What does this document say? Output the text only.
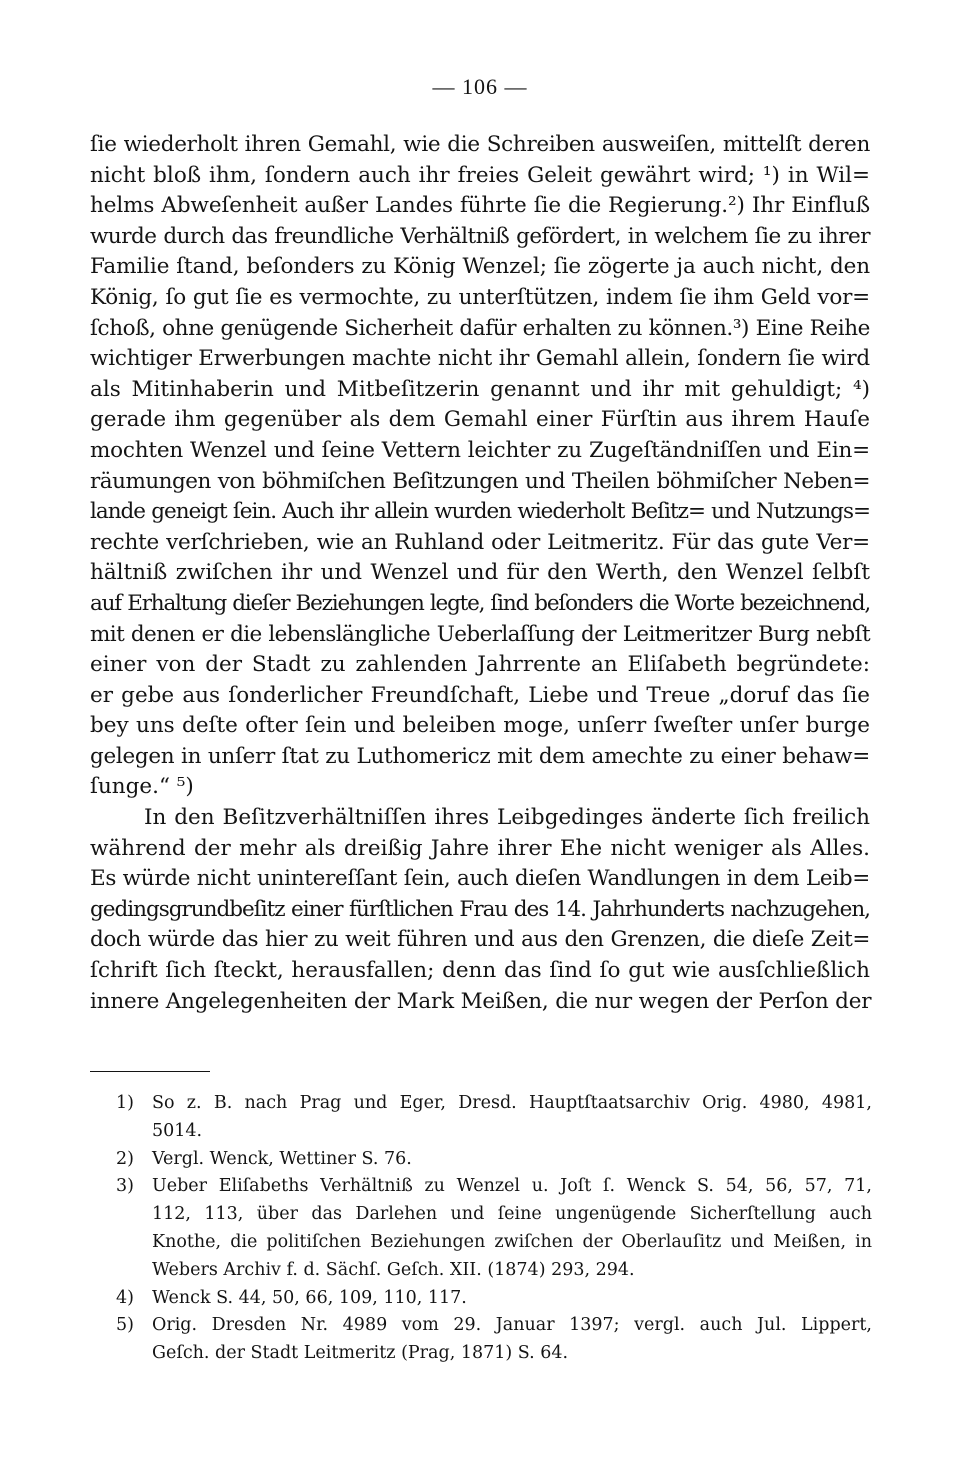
— 106 —
ſie wiederholt ihren Gemahl, wie die Schreiben ausweiſen, mittelſt deren
nicht bloß ihm, ſondern auch ihr freies Geleit gewährt wird; ¹) in Wil=
helms Abweſenheit außer Landes führte ſie die Regierung.²) Ihr Einfluß
wurde durch das freundliche Verhältniß gefördert, in welchem ſie zu ihrer
Familie ſtand, beſonders zu König Wenzel; ſie zögerte ja auch nicht, den
König, ſo gut ſie es vermochte, zu unterſtützen, indem ſie ihm Geld vor=
ſchoß, ohne genügende Sicherheit dafür erhalten zu können.³) Eine Reihe
wichtiger Erwerbungen machte nicht ihr Gemahl allein, ſondern ſie wird
als Mitinhaberin und Mitbeſitzerin genannt und ihr mit gehuldigt; ⁴)
gerade ihm gegenüber als dem Gemahl einer Fürſtin aus ihrem Hauſe
mochten Wenzel und ſeine Vettern leichter zu Zugeſtändniſſen und Ein=
räumungen von böhmiſchen Beſitzungen und Theilen böhmiſcher Neben=
lande geneigt ſein. Auch ihr allein wurden wiederholt Beſitz= und Nutzungs=
rechte verſchrieben, wie an Ruhland oder Leitmeritz. Für das gute Ver=
hältniß zwiſchen ihr und Wenzel und für den Werth, den Wenzel ſelbſt
auf Erhaltung dieſer Beziehungen legte, ſind beſonders die Worte bezeichnend,
mit denen er die lebenslängliche Ueberlaſſung der Leitmeritzer Burg nebſt
einer von der Stadt zu zahlenden Jahrrente an Eliſabeth begründete:
er gebe aus ſonderlicher Freundſchaft, Liebe und Treue „doruf das ſie
bey uns deſte ofter ſein und beleiben moge, unſerr ſweſter unſer burge
gelegen in unſerr ſtat zu Luthomericz mit dem amechte zu einer behaw=
ſunge.“ ⁵)
In den Beſitzverhältniſſen ihres Leibgedinges änderte ſich freilich
während der mehr als dreißig Jahre ihrer Ehe nicht weniger als Alles.
Es würde nicht unintereſſant ſein, auch dieſen Wandlungen in dem Leib=
gedingsgrundbeſitz einer fürſtlichen Frau des 14. Jahrhunderts nachzugehen,
doch würde das hier zu weit führen und aus den Grenzen, die dieſe Zeit=
ſchrift ſich ſteckt, herausfallen; denn das ſind ſo gut wie ausſchließlich
innere Angelegenheiten der Mark Meißen, die nur wegen der Perſon der
1) So z. B. nach Prag und Eger, Dresd. Hauptſtaatsarchiv Orig. 4980, 4981,
5014.
2) Vergl. Wenck, Wettiner S. 76.
3) Ueber Eliſabeths Verhältniß zu Wenzel u. Joſt ſ. Wenck S. 54, 56, 57, 71,
112, 113, über das Darlehen und ſeine ungenügende Sicherſtellung auch
Knothe, die politiſchen Beziehungen zwiſchen der Oberlauſitz und Meißen, in
Webers Archiv f. d. Sächſ. Geſch. XII. (1874) 293, 294.
4) Wenck S. 44, 50, 66, 109, 110, 117.
5) Orig. Dresden Nr. 4989 vom 29. Januar 1397; vergl. auch Jul. Lippert,
Geſch. der Stadt Leitmeritz (Prag, 1871) S. 64.
